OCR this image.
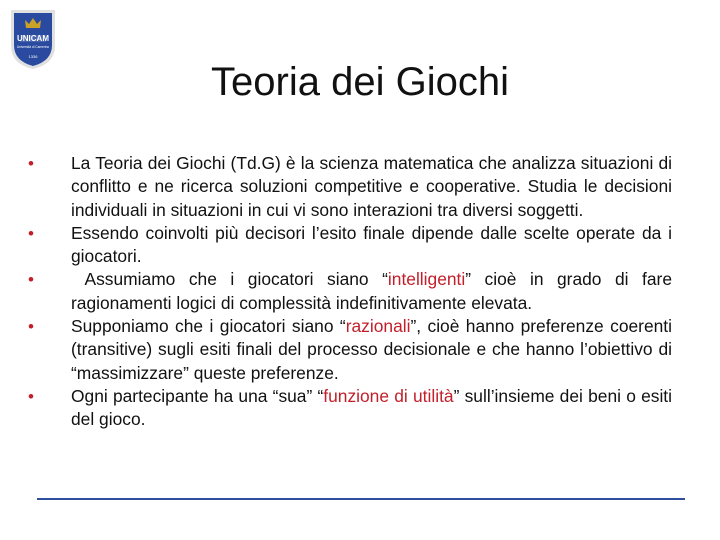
UNICAM
Università di Camerino
1336
Teoria dei Giochi
• La Teoria dei Giochi (Td.G) è la scienza matematica che analizza situazioni di conflitto e ne ricerca soluzioni competitive e cooperative. Studia le decisioni individuali in situazioni in cui vi sono interazioni tra diversi soggetti.
• Essendo coinvolti più decisori l’esito finale dipende dalle scelte operate da i giocatori.
• Assumiamo che i giocatori siano “intelligenti” cioè in grado di fare ragionamenti logici di complessità indefinitivamente elevata.
• Supponiamo che i giocatori siano “razionali”, cioè hanno preferenze coerenti (transitive) sugli esiti finali del processo decisionale e che hanno l’obiettivo di “massimizzare” queste preferenze.
• Ogni partecipante ha una “sua” “funzione di utilità” sull’insieme dei beni o esiti del gioco.
